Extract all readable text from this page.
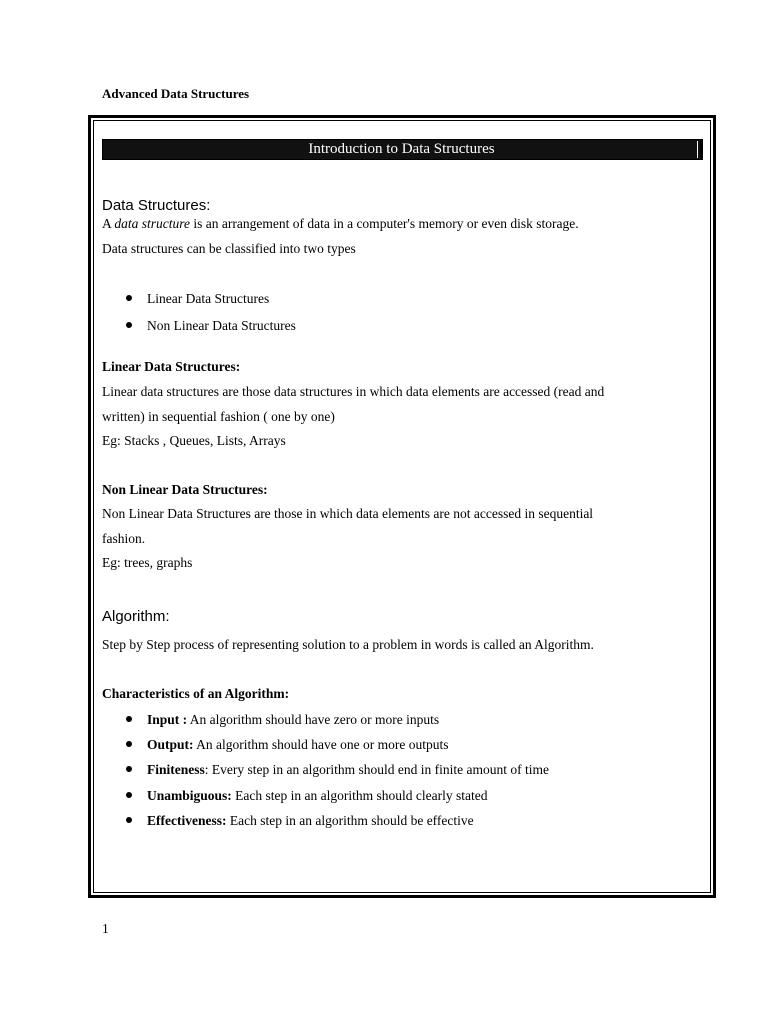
Advanced Data Structures
Introduction to Data Structures
Data Structures:
A data structure is an arrangement of data in a computer's memory or even disk storage.
Data structures can be classified into two types
Linear Data Structures
Non Linear Data Structures
Linear Data Structures:
Linear data structures are those data structures in which data elements are accessed (read and
written) in sequential fashion ( one by one)
Eg: Stacks , Queues, Lists, Arrays
Non Linear Data Structures:
Non Linear Data Structures are those in which data elements are not accessed in sequential
fashion.
Eg: trees, graphs
Algorithm:
Step by Step process of representing solution to a problem in words is called an Algorithm.
Characteristics of an Algorithm:
Input : An algorithm should have zero or more inputs
Output: An algorithm should have one or more outputs
Finiteness: Every step in an algorithm should end in finite amount of time
Unambiguous: Each step in an algorithm should clearly stated
Effectiveness: Each step in an algorithm should be effective
1
